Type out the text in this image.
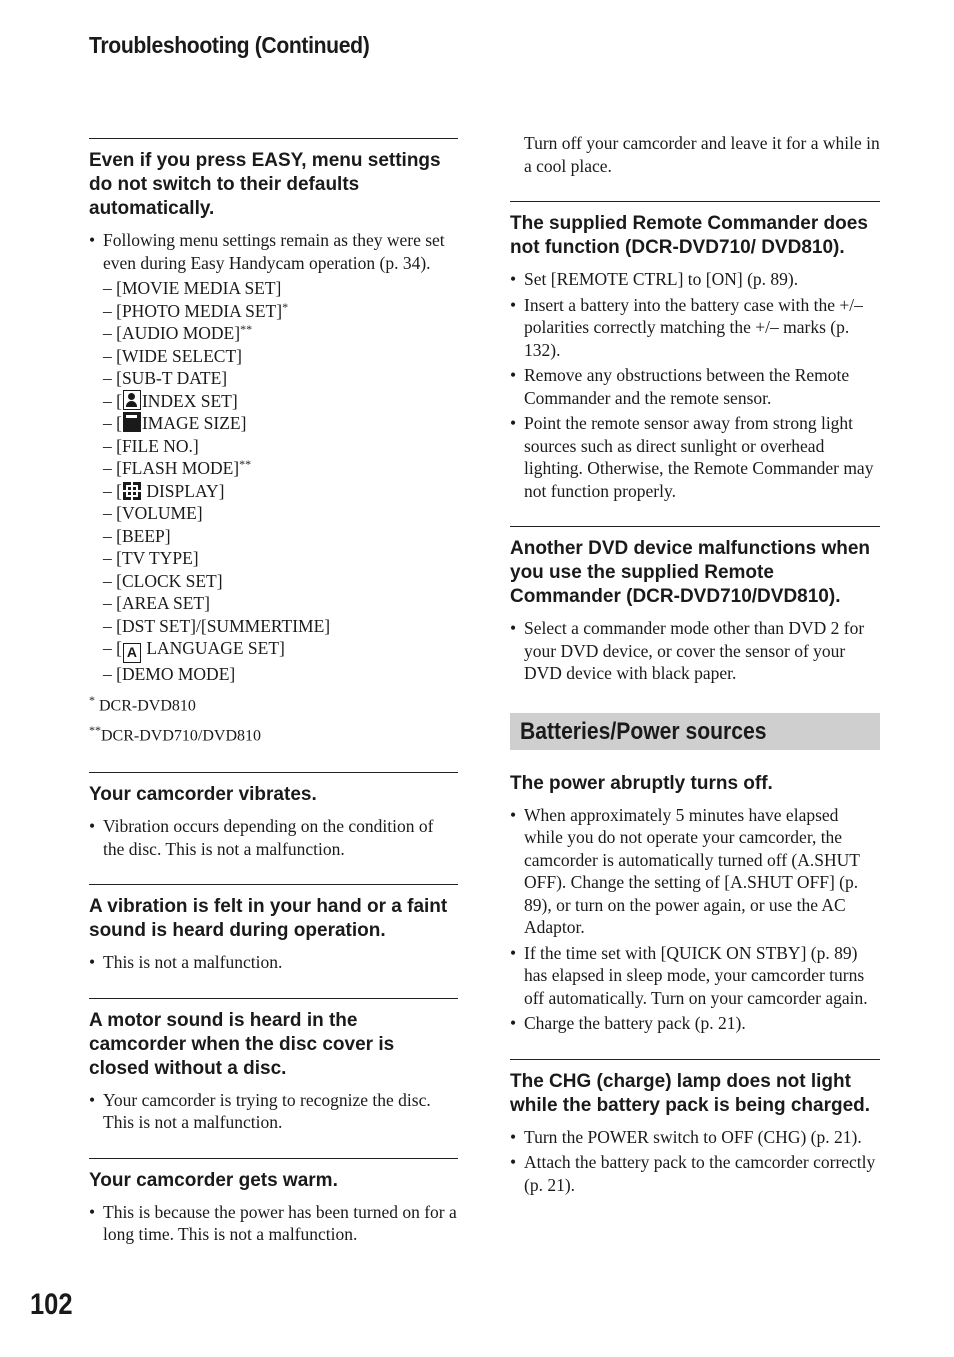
Troubleshooting (Continued)
Even if you press EASY, menu settings do not switch to their defaults automatically.
• Following menu settings remain as they were set even during Easy Handycam operation (p. 34).
– [MOVIE MEDIA SET]
– [PHOTO MEDIA SET]*
– [AUDIO MODE]**
– [WIDE SELECT]
– [SUB-T DATE]
– [ INDEX SET]
– [ IMAGE SIZE]
– [FILE NO.]
– [FLASH MODE]**
– [ DISPLAY]
– [VOLUME]
– [BEEP]
– [TV TYPE]
– [CLOCK SET]
– [AREA SET]
– [DST SET]/[SUMMERTIME]
– [ A LANGUAGE SET]
– [DEMO MODE]
* DCR-DVD810
**DCR-DVD710/DVD810
Your camcorder vibrates.
• Vibration occurs depending on the condition of the disc. This is not a malfunction.
A vibration is felt in your hand or a faint sound is heard during operation.
• This is not a malfunction.
A motor sound is heard in the camcorder when the disc cover is closed without a disc.
• Your camcorder is trying to recognize the disc. This is not a malfunction.
Your camcorder gets warm.
• This is because the power has been turned on for a long time. This is not a malfunction.
Turn off your camcorder and leave it for a while in a cool place.
The supplied Remote Commander does not function (DCR-DVD710/ DVD810).
• Set [REMOTE CTRL] to [ON] (p. 89).
• Insert a battery into the battery case with the +/– polarities correctly matching the +/– marks (p. 132).
• Remove any obstructions between the Remote Commander and the remote sensor.
• Point the remote sensor away from strong light sources such as direct sunlight or overhead lighting. Otherwise, the Remote Commander may not function properly.
Another DVD device malfunctions when you use the supplied Remote Commander (DCR-DVD710/DVD810).
• Select a commander mode other than DVD 2 for your DVD device, or cover the sensor of your DVD device with black paper.
Batteries/Power sources
The power abruptly turns off.
• When approximately 5 minutes have elapsed while you do not operate your camcorder, the camcorder is automatically turned off (A.SHUT OFF). Change the setting of [A.SHUT OFF] (p. 89), or turn on the power again, or use the AC Adaptor.
• If the time set with [QUICK ON STBY] (p. 89) has elapsed in sleep mode, your camcorder turns off automatically. Turn on your camcorder again.
• Charge the battery pack (p. 21).
The CHG (charge) lamp does not light while the battery pack is being charged.
• Turn the POWER switch to OFF (CHG) (p. 21).
• Attach the battery pack to the camcorder correctly (p. 21).
102
